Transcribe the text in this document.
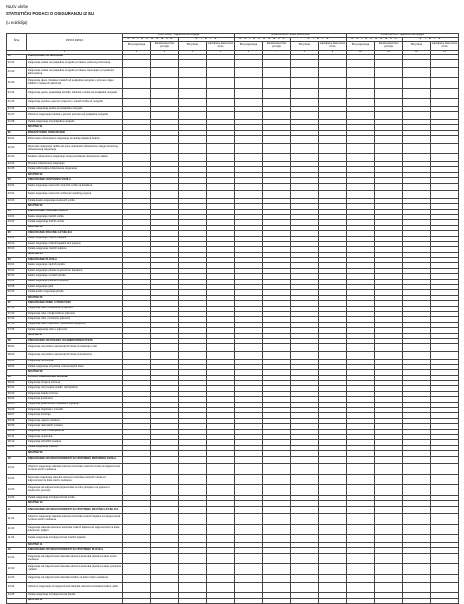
Naziv ukrbe
STATISTIČKI PODACI O OSIGURANJU IZ EU
(u euklidija)
Šifra	VRSTA RIZIKA	PORTUGAL - zajednička portfeljaga				RUMUNJSKA - preko podružnice				RUMUNJSKA - zajednički portfeljaga			
		O S I G U R A N J A		Š T E T E		O S I G U R A N J A		Š T E T E		O S I G U R A N J A		Š T E T E	
		Broj osiguranja	Zaračunata bruto premija	Broj šteta	Likvidirane štete bruto iznos	Broj osiguranja	Zaračunata bruto premija	Broj šteta	Likvidirane štete bruto iznos	Broj osiguranja	Zaračunata bruto premija	Broj šteta	Likvidirane štete bruto iznos
1		2	3	4	5	6	7	8	9	10	11	12	13
01	OSIGURANJE OD NEZGODE												
01.01	Osiguranje osoba od posljedica nezgode pri obavu redovnog zanimanja												
01.02	Osiguranje osoba od posljedica nezgode pri obavu zanimanja i pri padenim aktivnostima												
01.03	Osiguranje djece i školske mladeži od posljedica nezgode u prometu mjeju lokalnih i nastavnih aktivnosti												
01.04	Osiguranje gosta, posjetitelja priredbi, izletnika i turista od posljedica nezgode												
01.05	Osiguranje putnika u javnom prijevozu i ostalih vozila od nezgode												
01.06	Ostala osiguranja osoba od posljedica nezgode												
01.07	Obvezno osiguranje putnika u javnom prometu od posljedica nezgode												
01.08	Ostala osiguranja od posljedica nezgode												
	SKUPNO 01												
02	ZDRAVSTVENO OSIGURANJE												
02.01	Dobrovoljno zdravstveno osiguranje za slučaj ozljede ili bolesti												
02.02	Dopunsko osiguranje razlike do pune vrijednosti zdravstvene usluge obveznog zdravstvenog osiguranja												
02.03	Dodatno zdravstveno osiguranje većeg standarda zdravstvene zaštite												
02.04	Privatno zdravstveno osiguranje												
02.05	Ostala dobrovoljna zdravstvena osiguranja												
	SKUPNO 02												
03	OSIGURANJE CESTOVNIH VOZILA												
03.01	Kasko osiguranje cestovnih motornih vozila na kotačima												
03.02	Kasko osiguranje cestovnih vozila bez vlastitog pogona												
03.03	Ostala kasko osiguranja cestovnih vozila												
	SKUPNO 03												
04	OSIGURANJE TRAČNIH VOZILA												
04.01	Kasko osiguranje tračnih vozila												
04.02	Ostala osiguranja tračnih vozila												
	SKUPNO 04												
05	OSIGURANJE ZRAČNIH LETJELICA												
05.01	Kasko osiguranje zračnih letjelica												
05.02	Kasko osiguranje zračnih letjelica bez pogona												
05.03	Ostala osiguranja zračnih letjelica												
	SKUPNO 05												
06	OSIGURANJE PLOVILA												
06.01	Kasko osiguranje riječnih plovila												
06.02	Kasko osiguranje plovila na jezerima i kanalima												
06.03	Kasko osiguranje morskih plovila												
06.04	Kasko osiguranje plovila u izgradnji												
06.05	Kasko osiguranje jahti												
06.06	Ostala kasko osiguranja plovila												
	SKUPNO 06												
07	OSIGURANJE ROBE U PRIJEVOZU												
07.01	Osiguranje robe u cestovnom prijevozu												
07.02	Osiguranje robe u željezničkom prijevozu												
07.03	Osiguranje robe u zračnom prijevozu												
07.04	Osiguranje robe u riječnom i pomorskom prijevozu												
07.05	Ostala osiguranja robe u prijevozu												
	SKUPNO 07												
08	OSIGURANJE OD POŽARA I ELEMENTARNIH ŠTETA												
08.01	Osiguranje od požara i elementarnih šteta za industriju i obrt												
08.02	Osiguranje od požara i elementarnih šteta za kućanstva												
08.03	Osiguranje od potresa												
08.04	Ostala osiguranja od požara i elementarnih šteta												
	SKUPNO 08												
09	OSTALA OSIGURANJA IMOVINE												
09.01	Osiguranje strojeva od loma												
09.02	Osiguranje od provalne krađe i razbojništva												
09.03	Osiguranje stakla od loma												
09.04	Osiguranje kućanstva												
09.05	Osiguranje građevinskih objekata u izgradnji												
09.06	Osiguranje objekata u montaži												
09.07	Osiguranje životinja												
09.08	Osiguranje usjeva i plodova												
09.09	Osiguranje računalnih sustava												
09.10	Osiguranje robe u hladnjačama												
09.11	Osiguranje umjetnina												
09.12	Osiguranje tehničkih sustava												
09.13	Ostala osiguranja imovine												
	SKUPNO 09												
10	OSIGURANJE OD ODGOVORNOSTI ZA UPOTREBU MOTORNIH VOZILA												
10.01	Obvezno osiguranje vlasnika odnosno korisnika motornih vozila od odgovornosti za štete trećim osobama												
10.02	Dopunsko osiguranje vlasnika odnosno korisnika motornih vozila od odgovornosti za štete trećim osobama												
10.03	Osiguranje od odgovornosti prijevoznika za robu primljenu na prijevoz u cestovnom prometu												
10.04	Ostala osiguranja od odgovornosti vozila												
	SKUPNO 10												
11	OSIGURANJE OD ODGOVORNOSTI ZA UPOTREBU ZRAČNIH LETJELICA												
11.01	Obvezno osiguranje vlasnika odnosno korisnika zračnih letjelica od odgovornosti za štete trećim osobama												
11.02	Osiguranje vlasnika odnosno korisnika zračnih letjelica od odgovornosti za štete putnicima i prtljazi												
11.03	Ostala osiguranja od odgovornosti zračnih letjelica												
	SKUPNO 11												
12	OSIGURANJE OD ODGOVORNOSTI ZA UPOTREBU PLOVILA												
12.01	Osiguranje od odgovornosti vlasnika odnosno korisnika plovila za štete trećim osobama												
12.02	Osiguranje od odgovornosti vlasnika odnosno korisnika plovila za štete putnicima i prtljazi												
12.03	Osiguranje od odgovornosti vlasnika brodice za štete trećim osobama												
12.04	Obvezno osiguranje od odgovornosti vlasnika odnosno korisnika brodica i jahti												
12.05	Ostala osiguranja od odgovornosti plovila												
	SKUPNO 12												
